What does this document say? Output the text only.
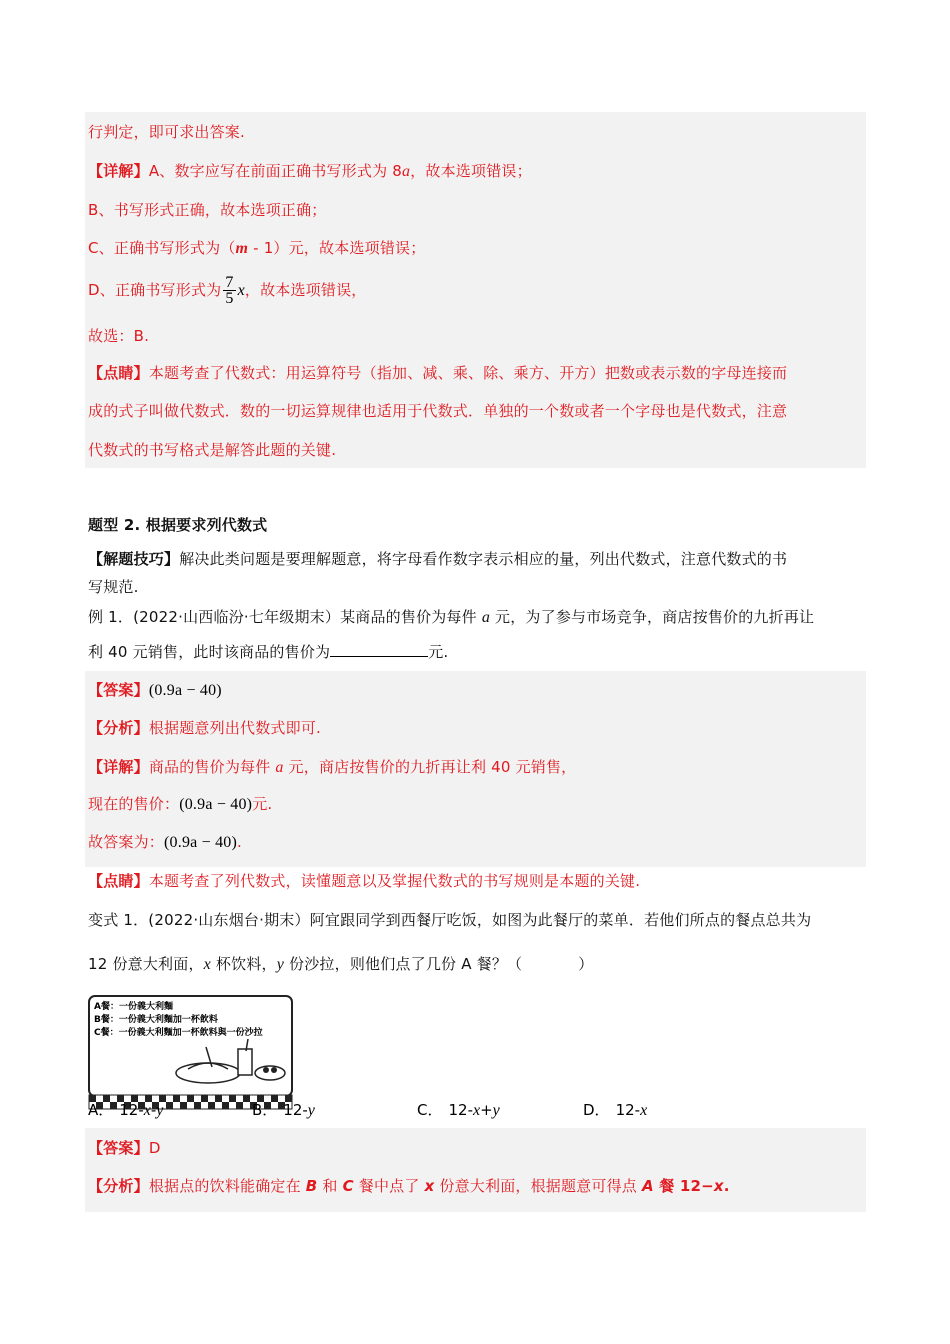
行判定，即可求出答案.
【详解】A、数字应写在前面正确书写形式为 8a，故本选项错误；
B、书写形式正确，故本选项正确；
C、正确书写形式为（m - 1）元，故本选项错误；
D、正确书写形式为 $\frac{7}{5}$ x，故本选项错误，
故选：B.
【点睛】本题考查了代数式：用运算符号（指加、减、乘、除、乘方、开方）把数或表示数的字母连接而
成的式子叫做代数式．数的一切运算规律也适用于代数式．单独的一个数或者一个字母也是代数式，注意
代数式的书写格式是解答此题的关键.
题型 2. 根据要求列代数式
【解题技巧】解决此类问题是要理解题意，将字母看作数字表示相应的量，列出代数式，注意代数式的书
写规范.
例 1．(2022·山西临汾·七年级期末）某商品的售价为每件 a 元，为了参与市场竞争，商店按售价的九折再让
利 40 元销售，此时该商品的售价为	元.
【答案】(0.9a − 40)
【分析】根据题意列出代数式即可.
【详解】商品的售价为每件 a 元，商店按售价的九折再让利 40 元销售，
现在的售价：(0.9a − 40)元.
故答案为：(0.9a − 40).
【点睛】本题考查了列代数式，读懂题意以及掌握代数式的书写规则是本题的关键.
变式 1．(2022·山东烟台·期末）阿宜跟同学到西餐厅吃饭，如图为此餐厅的菜单．若他们所点的餐点总共为
12 份意大利面，x 杯饮料，y 份沙拉，则他们点了几份 A 餐？（	）
A餐：一份義大利麵
B餐：一份義大利麵加一杯飲料
C餐：一份義大利麵加一杯飲料與一份沙拉
A． 12-x-y	B． 12-y	C． 12-x+y	D． 12-x
【答案】D
【分析】根据点的饮料能确定在 B 和 C 餐中点了 x 份意大利面，根据题意可得点 A 餐 12−x.
